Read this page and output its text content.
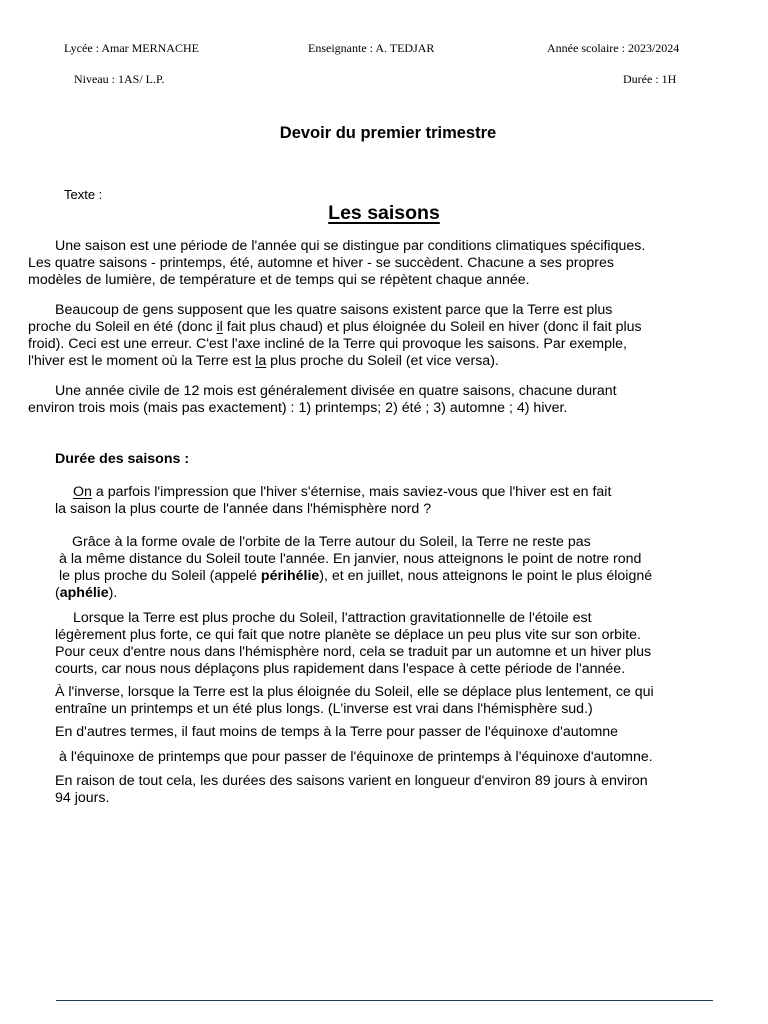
Lycée : Amar MERNACHE	Enseignante : A. TEDJAR	Année scolaire : 2023/2024
Niveau : 1AS/ L.P.	Durée : 1H
Devoir du premier trimestre
Texte :
Les saisons
Une saison est une période de l'année qui se distingue par conditions climatiques spécifiques.
Les quatre saisons - printemps, été, automne et hiver - se succèdent. Chacune a ses propres
modèles de lumière, de température et de temps qui se répètent chaque année.
Beaucoup de gens supposent que les quatre saisons existent parce que la Terre est plus
proche du Soleil en été (donc il fait plus chaud) et plus éloignée du Soleil en hiver (donc il fait plus
froid). Ceci est une erreur. C'est l'axe incliné de la Terre qui provoque les saisons. Par exemple,
l'hiver est le moment où la Terre est la plus proche du Soleil (et vice versa).
Une année civile de 12 mois est généralement divisée en quatre saisons, chacune durant
environ trois mois (mais pas exactement) : 1) printemps; 2) été ; 3) automne ; 4) hiver.
Durée des saisons :
On a parfois l'impression que l'hiver s'éternise, mais saviez-vous que l'hiver est en fait
la saison la plus courte de l'année dans l'hémisphère nord ?
Grâce à la forme ovale de l'orbite de la Terre autour du Soleil, la Terre ne reste pas
à la même distance du Soleil toute l'année. En janvier, nous atteignons le point de notre rond
le plus proche du Soleil (appelé périhélie), et en juillet, nous atteignons le point le plus éloigné
(aphélie).
Lorsque la Terre est plus proche du Soleil, l'attraction gravitationnelle de l'étoile est
légèrement plus forte, ce qui fait que notre planète se déplace un peu plus vite sur son orbite.
Pour ceux d'entre nous dans l'hémisphère nord, cela se traduit par un automne et un hiver plus
courts, car nous nous déplaçons plus rapidement dans l'espace à cette période de l'année.
À l'inverse, lorsque la Terre est la plus éloignée du Soleil, elle se déplace plus lentement, ce qui
entraîne un printemps et un été plus longs. (L'inverse est vrai dans l'hémisphère sud.)
En d'autres termes, il faut moins de temps à la Terre pour passer de l'équinoxe d'automne
à l'équinoxe de printemps que pour passer de l'équinoxe de printemps à l'équinoxe d'automne.
En raison de tout cela, les durées des saisons varient en longueur d'environ 89 jours à environ
94 jours.
